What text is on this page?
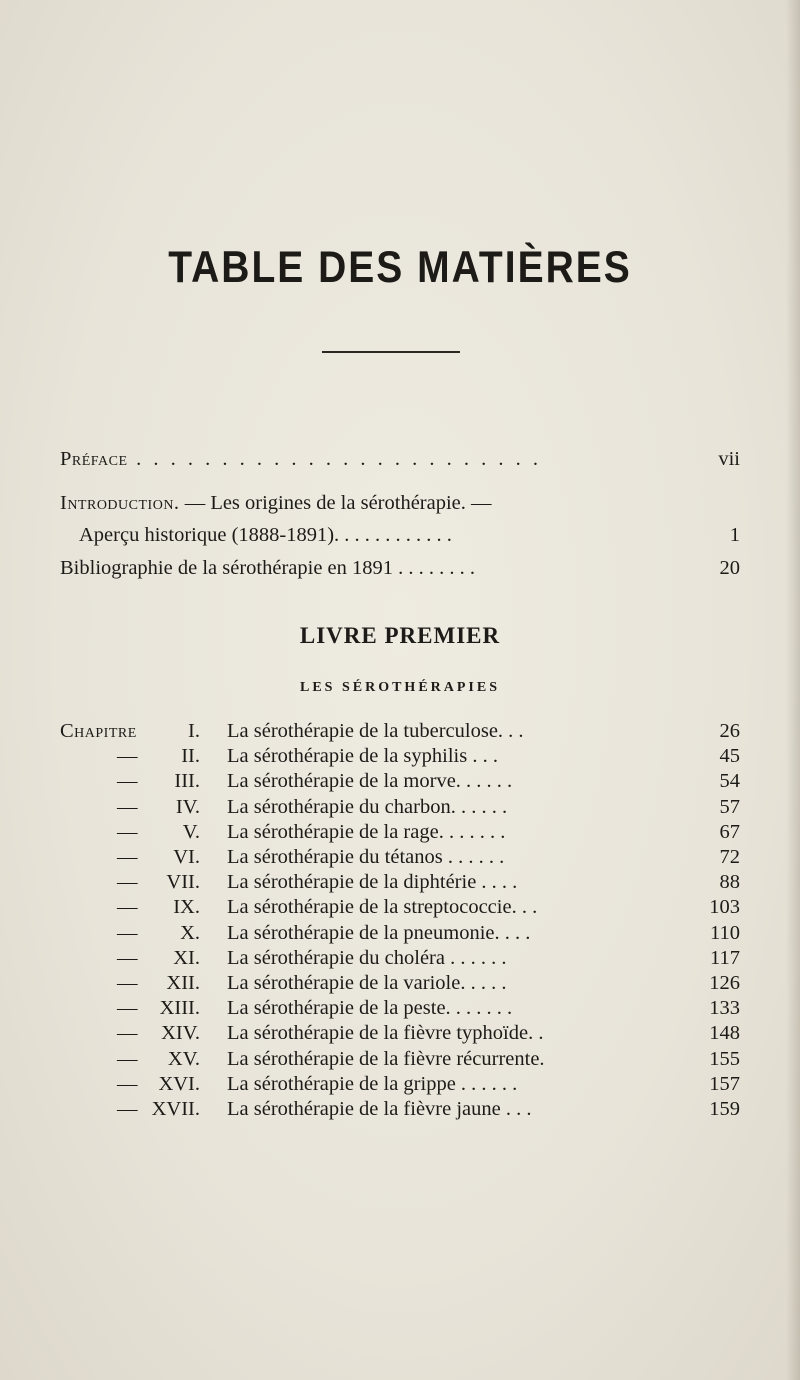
TABLE DES MATIÈRES
Préface . . . . . . . . . . . . . . . . . . . . . . . .	vii
Introduction. — Les origines de la sérothérapie. —
Aperçu historique (1888-1891). . . . . . . . . . . .	1
Bibliographie de la sérothérapie en 1891 . . . . . . . .	20
LIVRE PREMIER
LES SÉROTHÉRAPIES
Chapitre	I. La sérothérapie de la tuberculose. . .	26
— II. La sérothérapie de la syphilis . . .	45
— III. La sérothérapie de la morve. . . . . .	54
— IV. La sérothérapie du charbon. . . . . .	57
— V. La sérothérapie de la rage. . . . . . .	67
— VI. La sérothérapie du tétanos . . . . . .	72
— VII. La sérothérapie de la diphtérie . . . .	88
— IX. La sérothérapie de la streptococcie. . .	103
— X. La sérothérapie de la pneumonie. . . .	110
— XI. La sérothérapie du choléra . . . . . .	117
— XII. La sérothérapie de la variole. . . . .	126
— XIII. La sérothérapie de la peste. . . . . . .	133
— XIV. La sérothérapie de la fièvre typhoïde. .	148
— XV. La sérothérapie de la fièvre récurrente.	155
— XVI. La sérothérapie de la grippe . . . . . .	157
— XVII. La sérothérapie de la fièvre jaune . . .	159
